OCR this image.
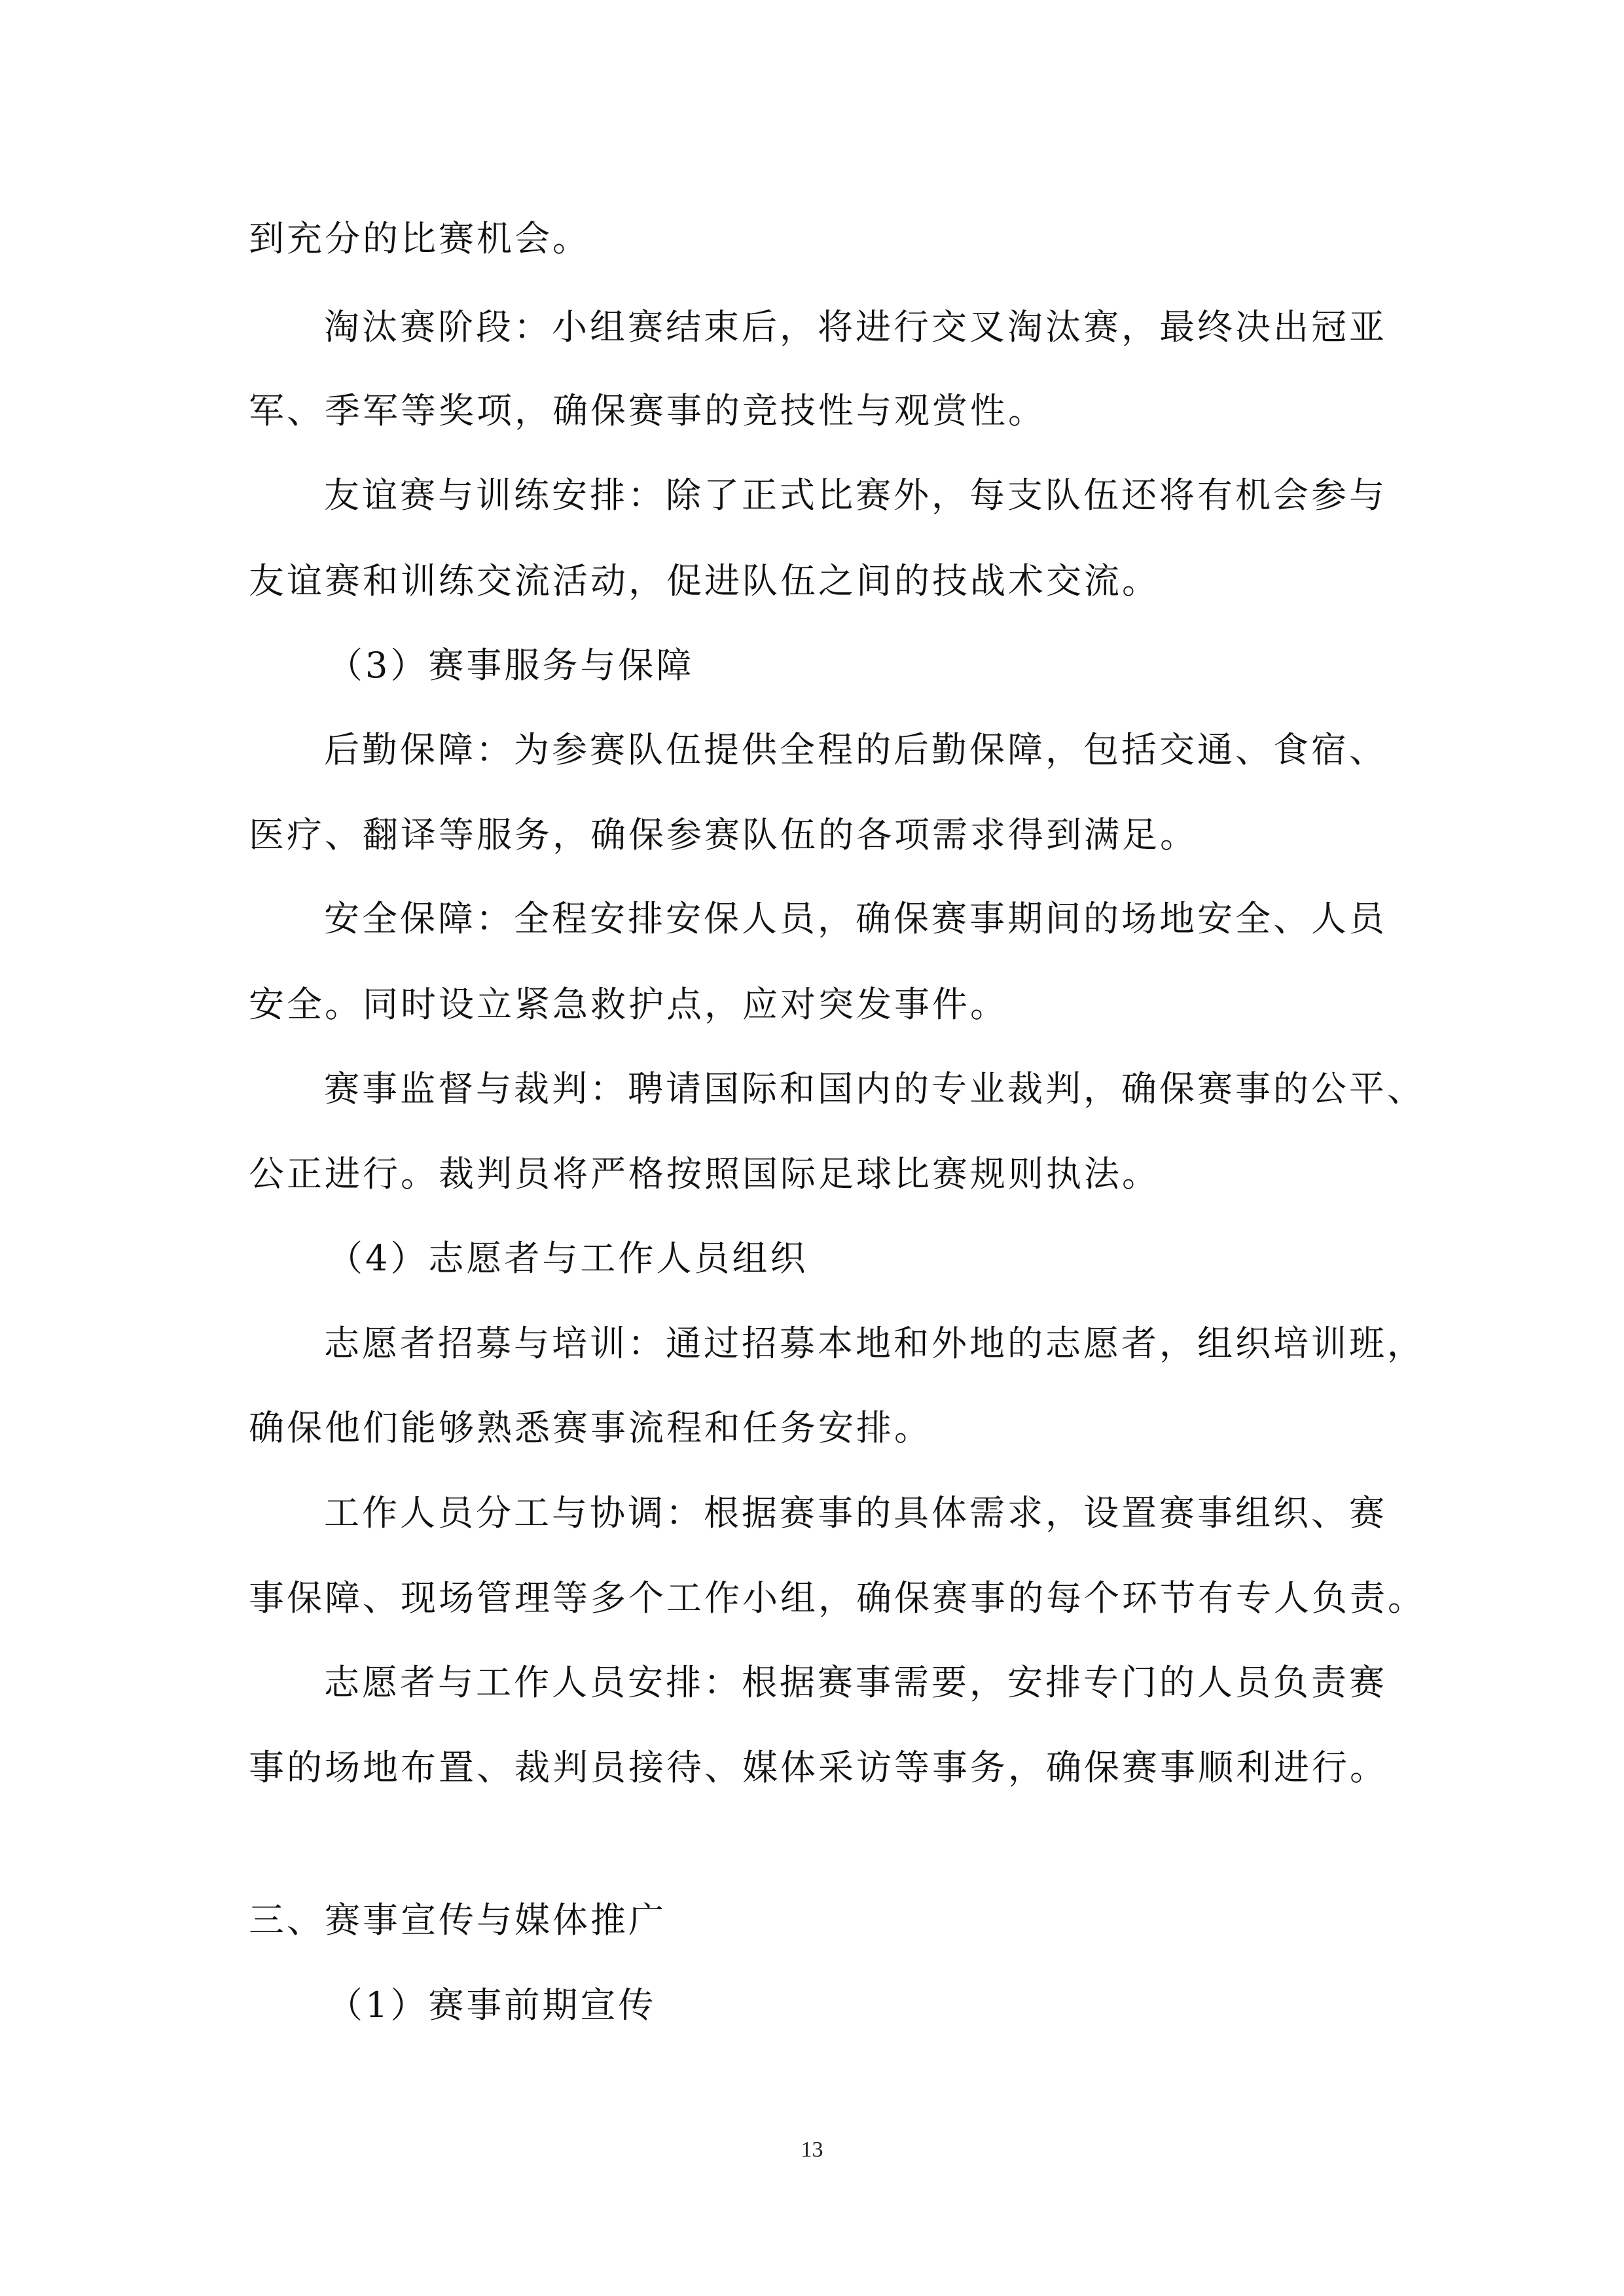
到充分的比赛机会。
淘汰赛阶段：小组赛结束后，将进行交叉淘汰赛，最终决出冠亚
军、季军等奖项，确保赛事的竞技性与观赏性。
友谊赛与训练安排：除了正式比赛外，每支队伍还将有机会参与
友谊赛和训练交流活动，促进队伍之间的技战术交流。
（3）赛事服务与保障
后勤保障：为参赛队伍提供全程的后勤保障，包括交通、食宿、
医疗、翻译等服务，确保参赛队伍的各项需求得到满足。
安全保障：全程安排安保人员，确保赛事期间的场地安全、人员
安全。同时设立紧急救护点，应对突发事件。
赛事监督与裁判：聘请国际和国内的专业裁判，确保赛事的公平、
公正进行。裁判员将严格按照国际足球比赛规则执法。
（4）志愿者与工作人员组织
志愿者招募与培训：通过招募本地和外地的志愿者，组织培训班，
确保他们能够熟悉赛事流程和任务安排。
工作人员分工与协调：根据赛事的具体需求，设置赛事组织、赛
事保障、现场管理等多个工作小组，确保赛事的每个环节有专人负责。
志愿者与工作人员安排：根据赛事需要，安排专门的人员负责赛
事的场地布置、裁判员接待、媒体采访等事务，确保赛事顺利进行。
三、赛事宣传与媒体推广
（1）赛事前期宣传
13
